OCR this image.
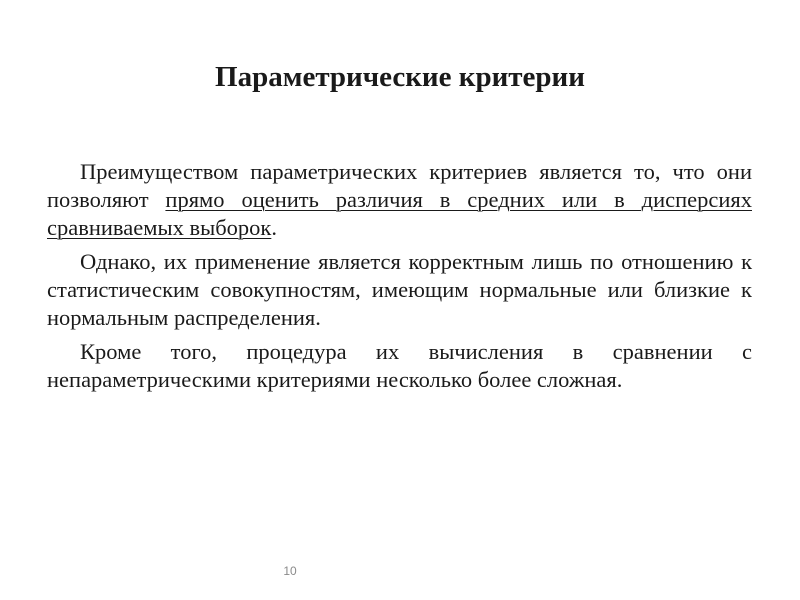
Параметрические критерии

Преимуществом параметрических критериев является то, что они позволяют прямо оценить различия в средних или в дисперсиях сравниваемых выборок.

Однако, их применение является корректным лишь по отношению к статистическим совокупностям, имеющим нормальные или близкие к нормальным распределения.

Кроме того, процедура их вычисления в сравнении с непараметрическими критериями несколько более сложная.

10
